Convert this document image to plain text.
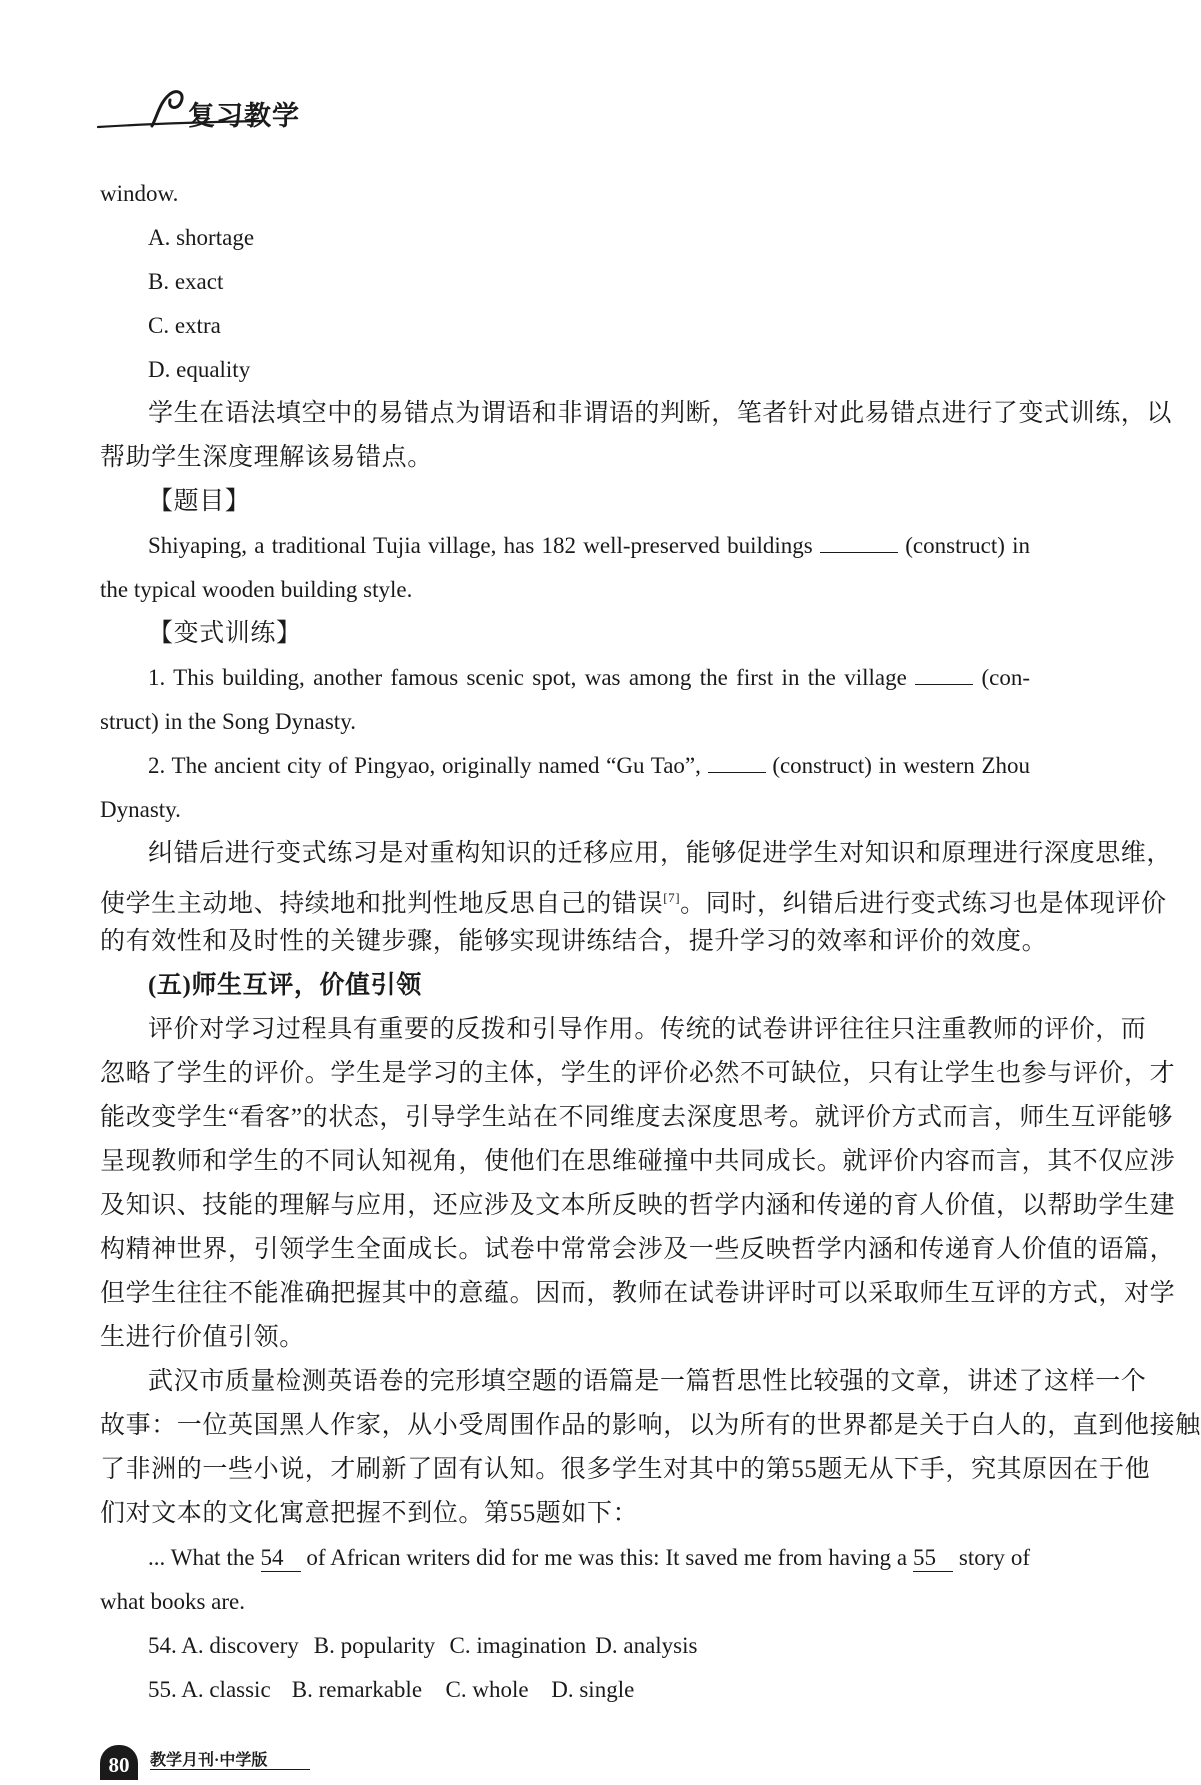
复习教学
window.
A. shortage
B. exact
C. extra
D. equality
学生在语法填空中的易错点为谓语和非谓语的判断，笔者针对此易错点进行了变式训练，以
帮助学生深度理解该易错点。
【题目】
Shiyaping, a traditional Tujia village, has 182 well-preserved buildings	(construct) in
the typical wooden building style.
【变式训练】
1. This building, another famous scenic spot, was among the first in the village	(con-
struct) in the Song Dynasty.
2. The ancient city of Pingyao, originally named “Gu Tao”,	(construct) in western Zhou
Dynasty.
纠错后进行变式练习是对重构知识的迁移应用，能够促进学生对知识和原理进行深度思维，
使学生主动地、持续地和批判性地反思自己的错误[7]。同时，纠错后进行变式练习也是体现评价
的有效性和及时性的关键步骤，能够实现讲练结合，提升学习的效率和评价的效度。
(五)师生互评，价值引领
评价对学习过程具有重要的反拨和引导作用。传统的试卷讲评往往只注重教师的评价，而
忽略了学生的评价。学生是学习的主体，学生的评价必然不可缺位，只有让学生也参与评价，才
能改变学生“看客”的状态，引导学生站在不同维度去深度思考。就评价方式而言，师生互评能够
呈现教师和学生的不同认知视角，使他们在思维碰撞中共同成长。就评价内容而言，其不仅应涉
及知识、技能的理解与应用，还应涉及文本所反映的哲学内涵和传递的育人价值，以帮助学生建
构精神世界，引领学生全面成长。试卷中常常会涉及一些反映哲学内涵和传递育人价值的语篇，
但学生往往不能准确把握其中的意蕴。因而，教师在试卷讲评时可以采取师生互评的方式，对学
生进行价值引领。
武汉市质量检测英语卷的完形填空题的语篇是一篇哲思性比较强的文章，讲述了这样一个
故事：一位英国黑人作家，从小受周围作品的影响，以为所有的世界都是关于白人的，直到他接触
了非洲的一些小说，才刷新了固有认知。很多学生对其中的第55题无从下手，究其原因在于他
们对文本的文化寓意把握不到位。第55题如下：
... What the 54 of African writers did for me was this: It saved me from having a 55 story of
what books are.
54. A. discovery B. popularity C. imagination D. analysis
55. A. classic B. remarkable C. whole D. single
80	教学月刊·中学版
